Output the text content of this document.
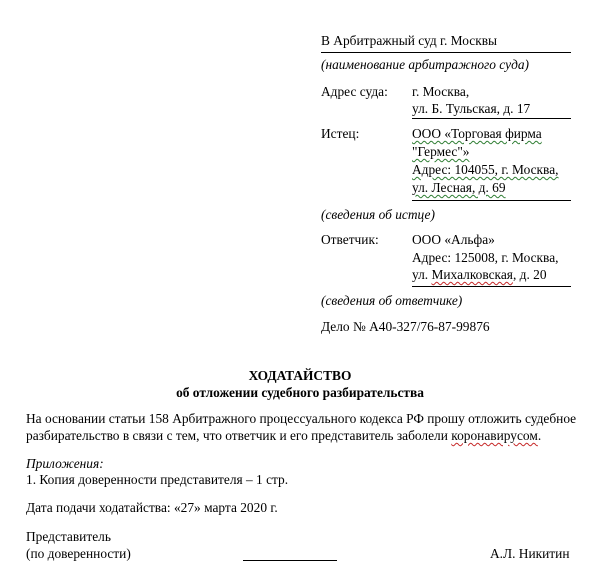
В Арбитражный суд г. Москвы
(наименование арбитражного суда)
Адрес суда: г. Москва,
ул. Б. Тульская, д. 17
Истец:	ООО «Торговая фирма
"Гермес"»
Адрес: 104055, г. Москва,
ул. Лесная, д. 69
(сведения об истце)
Ответчик: ООО «Альфа»
Адрес: 125008, г. Москва,
ул. Михалковская, д. 20
(сведения об ответчике)
Дело № А40-327/76-87-99876
ХОДАТАЙСТВО
об отложении судебного разбирательства
На основании статьи 158 Арбитражного процессуального кодекса РФ прошу отложить судебное
разбирательство в связи с тем, что ответчик и его представитель заболели коронавирусом.
Приложения:
1. Копия доверенности представителя – 1 стр.
Дата подачи ходатайства: «27» марта 2020 г.
Представитель
(по доверенности)	А.Л. Никитин
